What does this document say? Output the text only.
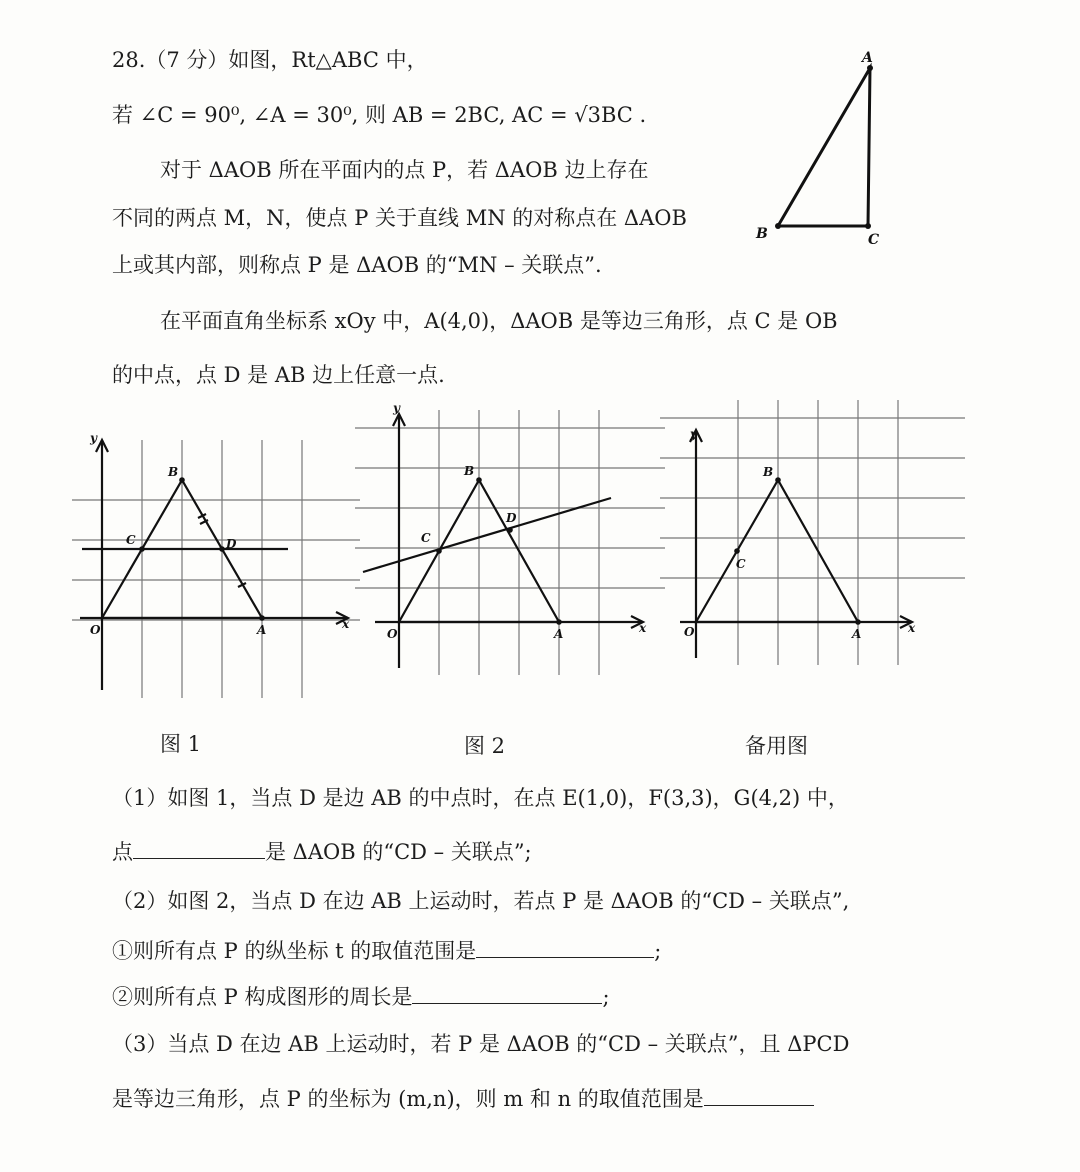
28.（7 分）如图，Rt△ABC 中，
若 ∠C = 90⁰, ∠A = 30⁰, 则 AB = 2BC, AC = √3BC .
对于 ΔAOB 所在平面内的点 P，若 ΔAOB 边上存在
不同的两点 M，N，使点 P 关于直线 MN 的对称点在 ΔAOB
上或其内部，则称点 P 是 ΔAOB 的“MN – 关联点”.
在平面直角坐标系 xOy 中，A(4,0)，ΔAOB 是等边三角形，点 C 是 OB
的中点，点 D 是 AB 边上任意一点.
A
B	C
y
B
C	D
O	A	x
y
B
C
D
O	A	x
y
B
C
O	A	x
图 1	图 2	备用图
（1）如图 1，当点 D 是边 AB 的中点时，在点 E(1,0)，F(3,3)，G(4,2) 中，
点	是 ΔAOB 的“CD – 关联点”;
（2）如图 2，当点 D 在边 AB 上运动时，若点 P 是 ΔAOB 的“CD – 关联点”,
①则所有点 P 的纵坐标 t 的取值范围是	;
②则所有点 P 构成图形的周长是	;
（3）当点 D 在边 AB 上运动时，若 P 是 ΔAOB 的“CD – 关联点”，且 ΔPCD
是等边三角形，点 P 的坐标为 (m,n)，则 m 和 n 的取值范围是
